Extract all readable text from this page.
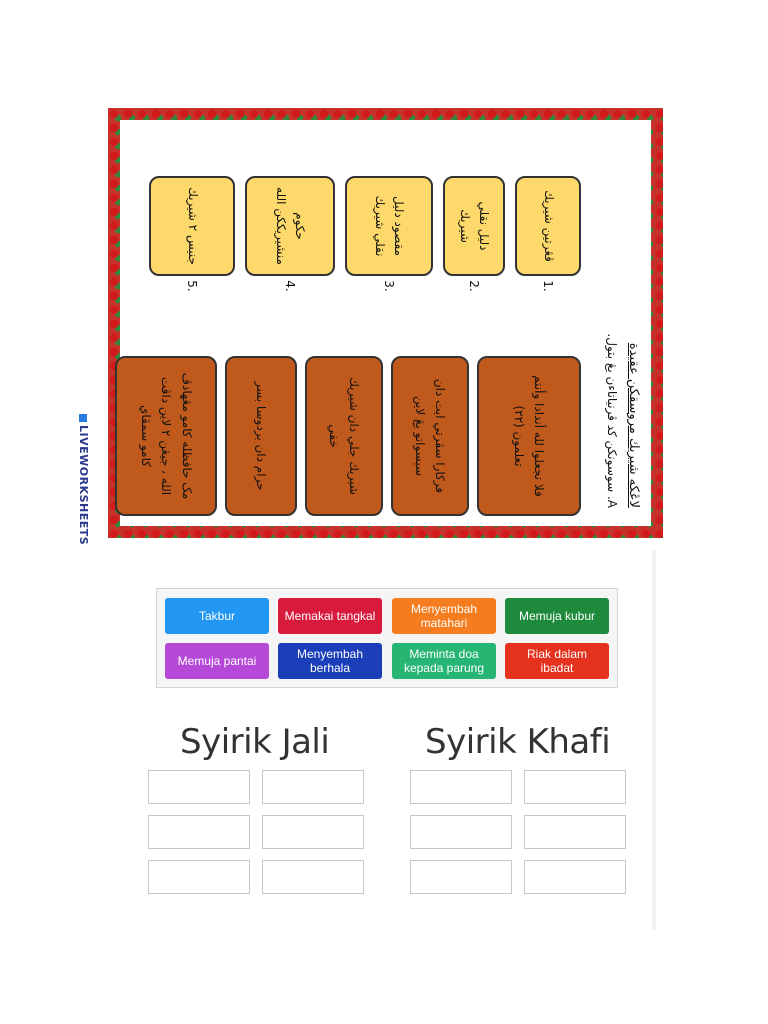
لاڠكه شيريك مروسقكن عقيدة
A. سوسونكن كد ڤرنياتاءن يڠ بتول.
فلا تجعلوا لله أندادا وأنتم تعلمون (٢٢)
فركارا سڤرتي ايت دان سيسواتو يڠ لاين
شيريك جلي دان شيريك خفي
حرام دان بردوسا بسر
مک حافظله كامو مڠهادڤ الله ، جيڠن ٢ لاين داڤت كامو سمڤاي
ڤڠرتين شيريك
1.
دليل نقلي شيريك
2.
مقصود دليل نقلي شيريك
3.
حكوم منشيريككن الله
4.
جنيس ٢ شيريك
5.
LIVEWORKSHEETS
Takbur	Memakai tangkal
Menyembah matahari
Memuja kubur
Memuja pantai
Menyembah berhala
Meminta doa kepada parung
Riak dalam ibadat
Syirik Jali	Syirik Khafi
